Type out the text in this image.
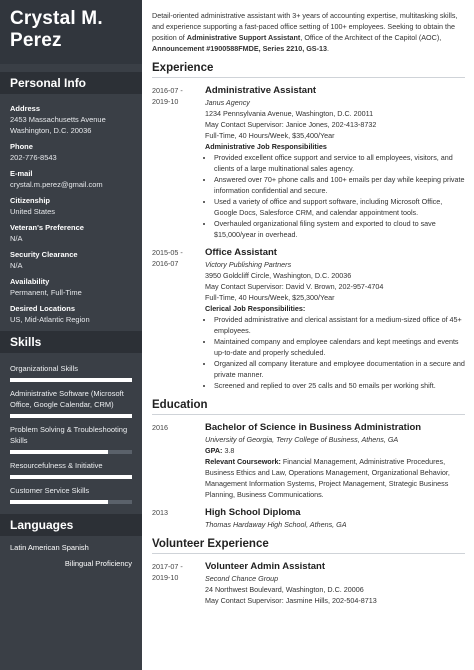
Crystal M.
Perez
Personal Info
Address
2453 Massachusetts Avenue
Washington, D.C. 20036
Phone
202-776-8543
E-mail
crystal.m.perez@gmail.com
Citizenship
United States
Veteran's Preference
N/A
Security Clearance
N/A
Availability
Permanent, Full-Time
Desired Locations
US, Mid-Atlantic Region
Skills
Organizational Skills
Administrative Software (Microsoft Office, Google Calendar, CRM)
Problem Solving & Troubleshooting Skills
Resourcefulness & Initiative
Customer Service Skills
Languages
Latin American Spanish
Bilingual Proficiency
Detail-oriented administrative assistant with 3+ years of accounting expertise, multitasking skills, and experience supporting a fast-paced office setting of 100+ employees. Seeking to obtain the position of Administrative Support Assistant, Office of the Architect of the Capitol (AOC), Announcement #1900588FMDE, Series 2210, GS-13.
Experience
2016-07 -
2019-10
Administrative Assistant
Janus Agency
1234 Pennsylvania Avenue, Washington, D.C. 20011
May Contact Supervisor: Janice Jones, 202-413-8732
Full-Time, 40 Hours/Week, $35,400/Year
Administrative Job Responsibilities
• Provided excellent office support and service to all employees, visitors, and clients of a large multinational sales agency.
• Answered over 70+ phone calls and 100+ emails per day while keeping private information confidential and secure.
• Used a variety of office and support software, including Microsoft Office, Google Docs, Salesforce CRM, and calendar appointment tools.
• Overhauled organizational filing system and exported to cloud to save $15,000/year in overhead.
2015-05 -
2016-07
Office Assistant
Victory Publishing Partners
3950 Goldcliff Circle, Washington, D.C. 20036
May Contact Supervisor: David V. Brown, 202-957-4704
Full-Time, 40 Hours/Week, $25,300/Year
Clerical Job Responsibilities:
• Provided administrative and clerical assistant for a medium-sized office of 45+ employees.
• Maintained company and employee calendars and kept meetings and events up-to-date and properly scheduled.
• Organized all company literature and employee documentation in a secure and private manner.
• Screened and replied to over 25 calls and 50 emails per working shift.
Education
2016	Bachelor of Science in Business Administration
University of Georgia, Terry College of Business, Athens, GA
GPA: 3.8
Relevant Coursework: Financial Management, Administrative Procedures, Business Ethics and Law, Operations Management, Organizational Behavior, Management Information Systems, Project Management, Strategic Business Planning, Business Communications.
2013	High School Diploma
Thomas Hardaway High School, Athens, GA
Volunteer Experience
2017-07 -
2019-10
Volunteer Admin Assistant
Second Chance Group
24 Northwest Boulevard, Washington, D.C. 20006
May Contact Supervisor: Jasmine Hills, 202-504-8713
